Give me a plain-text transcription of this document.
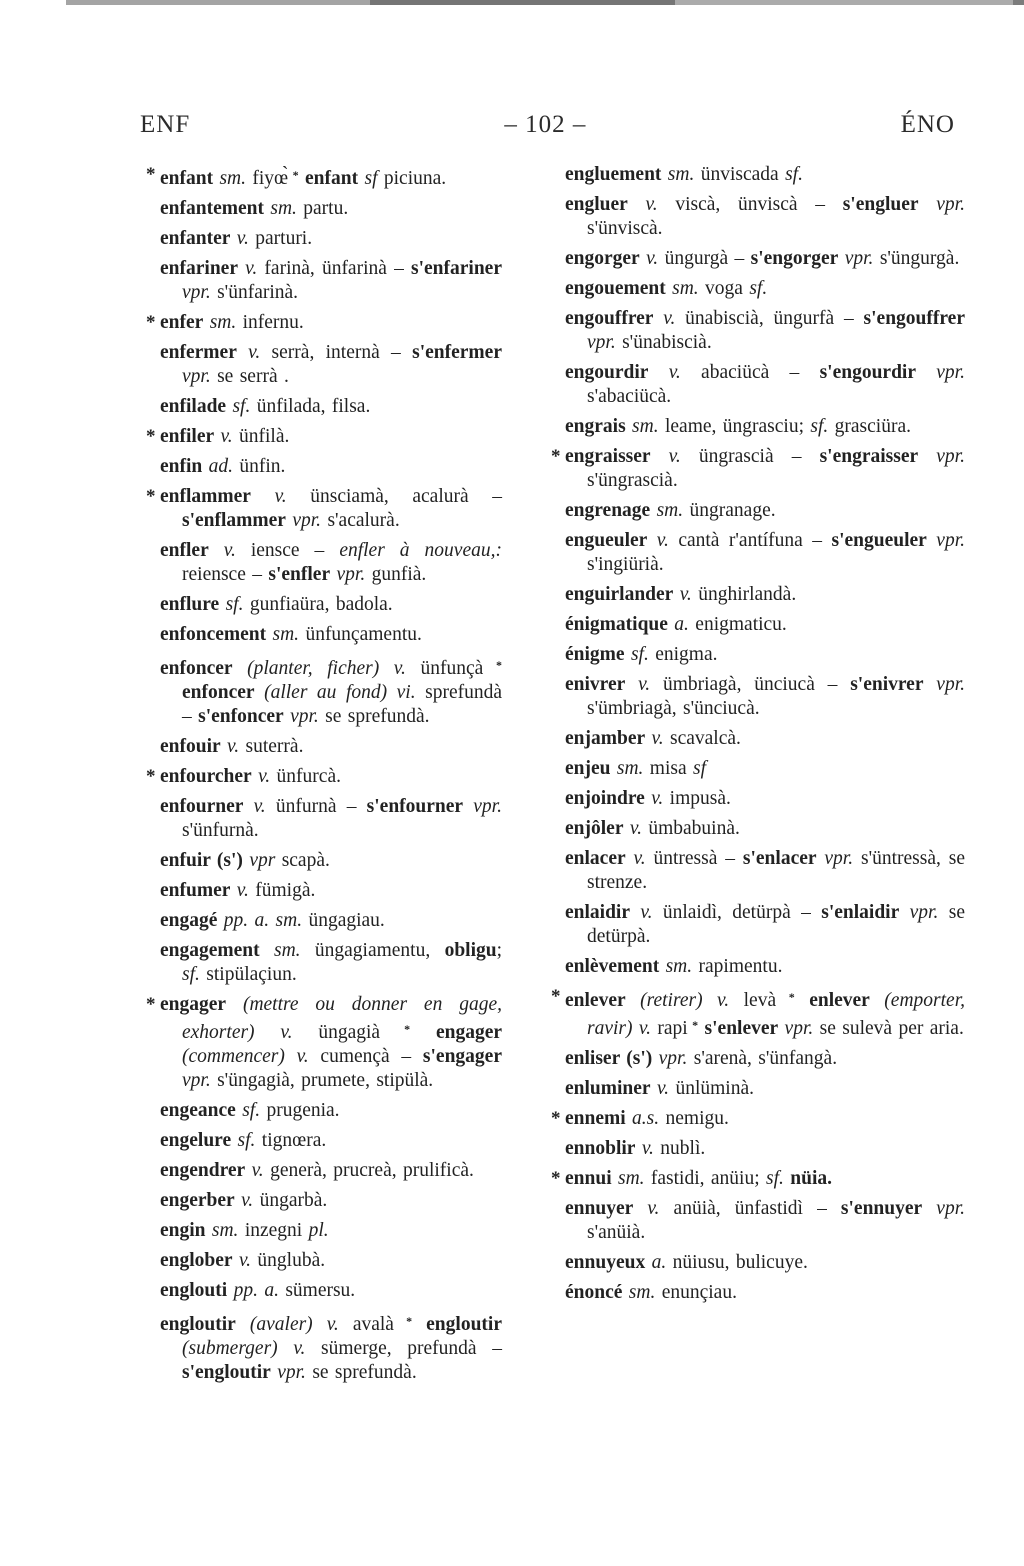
ENF	– 102 –	ÉNO

* enfant sm. fiyœ̀ * enfant sf piciuna.

enfantement sm. partu.

enfanter v. parturi.

enfariner v. farinà, ünfarinà – s'enfariner vpr. s'ünfarinà.

* enfer sm. infernu.

enfermer v. serrà, internà – s'enfermer vpr. se serrà .

enfilade sf. ünfilada, filsa.

* enfiler v. ünfilà.

enfin ad. ünfin.

* enflammer v. ünsciamà, acalurà – s'enflammer vpr. s'acalurà.

enfler v. iensce – enfler à nouveau,: reiensce – s'enfler vpr. gunfià.

enflure sf. gunfiaüra, badola.

enfoncement sm. ünfunçamentu.

enfoncer (planter, ficher) v. ünfunçà * enfoncer (aller au fond) vi. sprefundà – s'enfoncer vpr. se sprefundà.

enfouir v. suterrà.

* enfourcher v. ünfurcà.

enfourner v. ünfurnà – s'enfourner vpr. s'ünfurnà.

enfuir (s') vpr scapà.

enfumer v. fümigà.

engagé pp. a. sm. üngagiau.

engagement sm. üngagiamentu, obligu; sf. stipülaçiun.

* engager (mettre ou donner en gage, exhorter) v. üngagià * engager (commencer) v. cumençà – s'engager vpr. s'üngagià, prumete, stipülà.

engeance sf. prugenia.

engelure sf. tignœra.

engendrer v. generà, prucreà, prulificà.

engerber v. üngarbà.

engin sm. inzegni pl.

englober v. ünglubà.

englouti pp. a. sümersu.

engloutir (avaler) v. avalà * engloutir (submerger) v. sümerge, prefundà – s'engloutir vpr. se sprefundà.

engluement sm. ünviscada sf.

engluer v. viscà, ünviscà – s'engluer vpr. s'ünviscà.

engorger v. üngurgà – s'engorger vpr. s'üngurgà.

engouement sm. voga sf.

engouffrer v. ünabiscià, üngurfà – s'engouffrer vpr. s'ünabiscià.

engourdir v. abaciücà – s'engourdir vpr. s'abaciücà.

engrais sm. leame, üngrasciu; sf. grasciüra.

* engraisser v. üngrascià – s'engraisser vpr. s'üngrascià.

engrenage sm. üngranage.

engueuler v. cantà r'antífuna – s'engueuler vpr. s'ingiürià.

enguirlander v. ünghirlandà.

énigmatique a. enigmaticu.

énigme sf. enigma.

enivrer v. ümbriagà, ünciucà – s'enivrer vpr. s'ümbriagà, s'ünciucà.

enjamber v. scavalcà.

enjeu sm. misa sf

enjoindre v. impusà.

enjôler v. ümbabuinà.

enlacer v. üntressà – s'enlacer vpr. s'üntressà, se strenze.

enlaidir v. ünlaidì, detürpà – s'enlaidir vpr. se detürpà.

enlèvement sm. rapimentu.

* enlever (retirer) v. levà * enlever (emporter, ravir) v. rapi * s'enlever vpr. se sulevà per aria.

enliser (s') vpr. s'arenà, s'ünfangà.

enluminer v. ünlüminà.

* ennemi a.s. nemigu.

ennoblir v. nublì.

* ennui sm. fastidi, anüiu; sf. nüia.

ennuyer v. anüià, ünfastidì – s'ennuyer vpr. s'anüià.

ennuyeux a. nüiusu, bulicuye.

énoncé sm. enunçiau.
